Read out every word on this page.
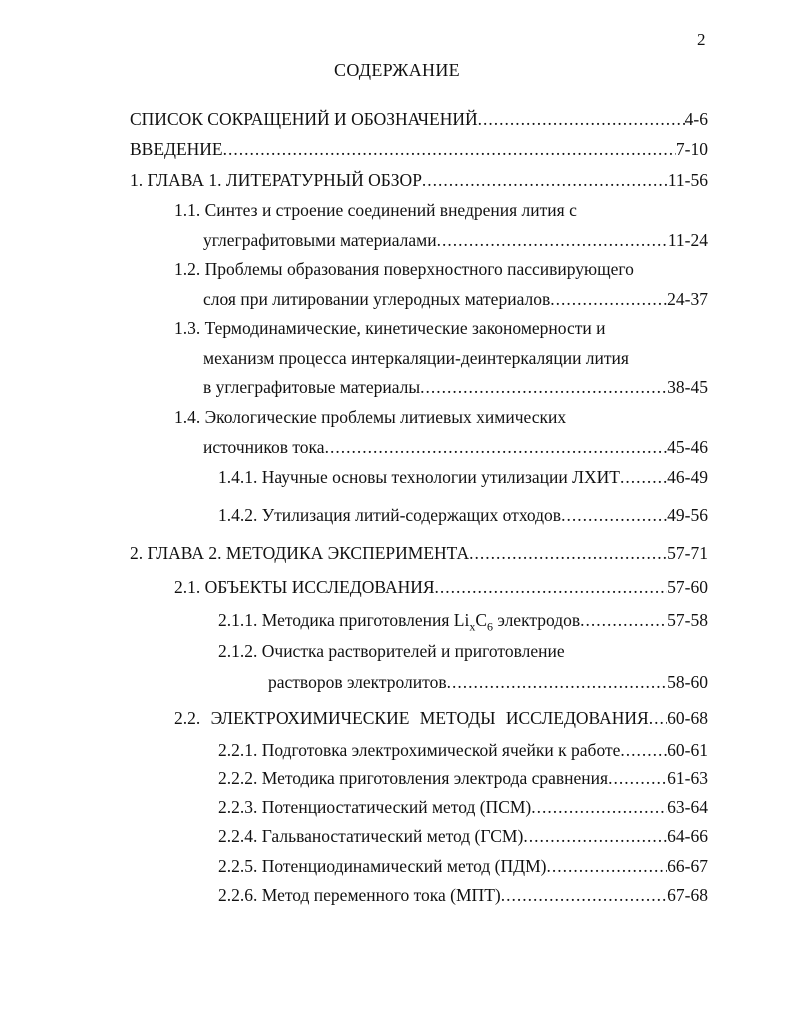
2
СОДЕРЖАНИЕ
СПИСОК СОКРАЩЕНИЙ И ОБОЗНАЧЕНИЙ .....	4-6
ВВЕДЕНИЕ .....	7-10
1. ГЛАВА 1. ЛИТЕРАТУРНЫЙ ОБЗОР .....	11-56
1.1. Синтез и строение соединений внедрения лития с
углеграфитовыми материалами .....	11-24
1.2. Проблемы образования поверхностного пассивирующего
слоя при литировании углеродных материалов .....	24-37
1.3. Термодинамические, кинетические закономерности и
механизм процесса интеркаляции-деинтеркаляции лития
в углеграфитовые материалы .....	38-45
1.4. Экологические проблемы литиевых химических
источников тока .....	45-46
1.4.1. Научные основы технологии утилизации ЛХИТ .....	46-49
1.4.2. Утилизация литий-содержащих отходов .....	49-56
2. ГЛАВА 2. МЕТОДИКА ЭКСПЕРИМЕНТА .....	57-71
2.1. ОБЪЕКТЫ ИССЛЕДОВАНИЯ .....	57-60
2.1.1. Методика приготовления $Li_xC_6$ электродов .....	57-58
2.1.2. Очистка растворителей и приготовление
растворов электролитов .....	58-60
2.2. ЭЛЕКТРОХИМИЧЕСКИЕ МЕТОДЫ ИССЛЕДОВАНИЯ ..... 60-68
2.2.1. Подготовка электрохимической ячейки к работе .....	60-61
2.2.2. Методика приготовления электрода сравнения .....	61-63
2.2.3. Потенциостатический метод (ПСМ) .....	63-64
2.2.4. Гальваностатический метод (ГСМ) .....	64-66
2.2.5. Потенциодинамический метод (ПДМ) .....	66-67
2.2.6. Метод переменного тока (МПТ) .....	67-68
